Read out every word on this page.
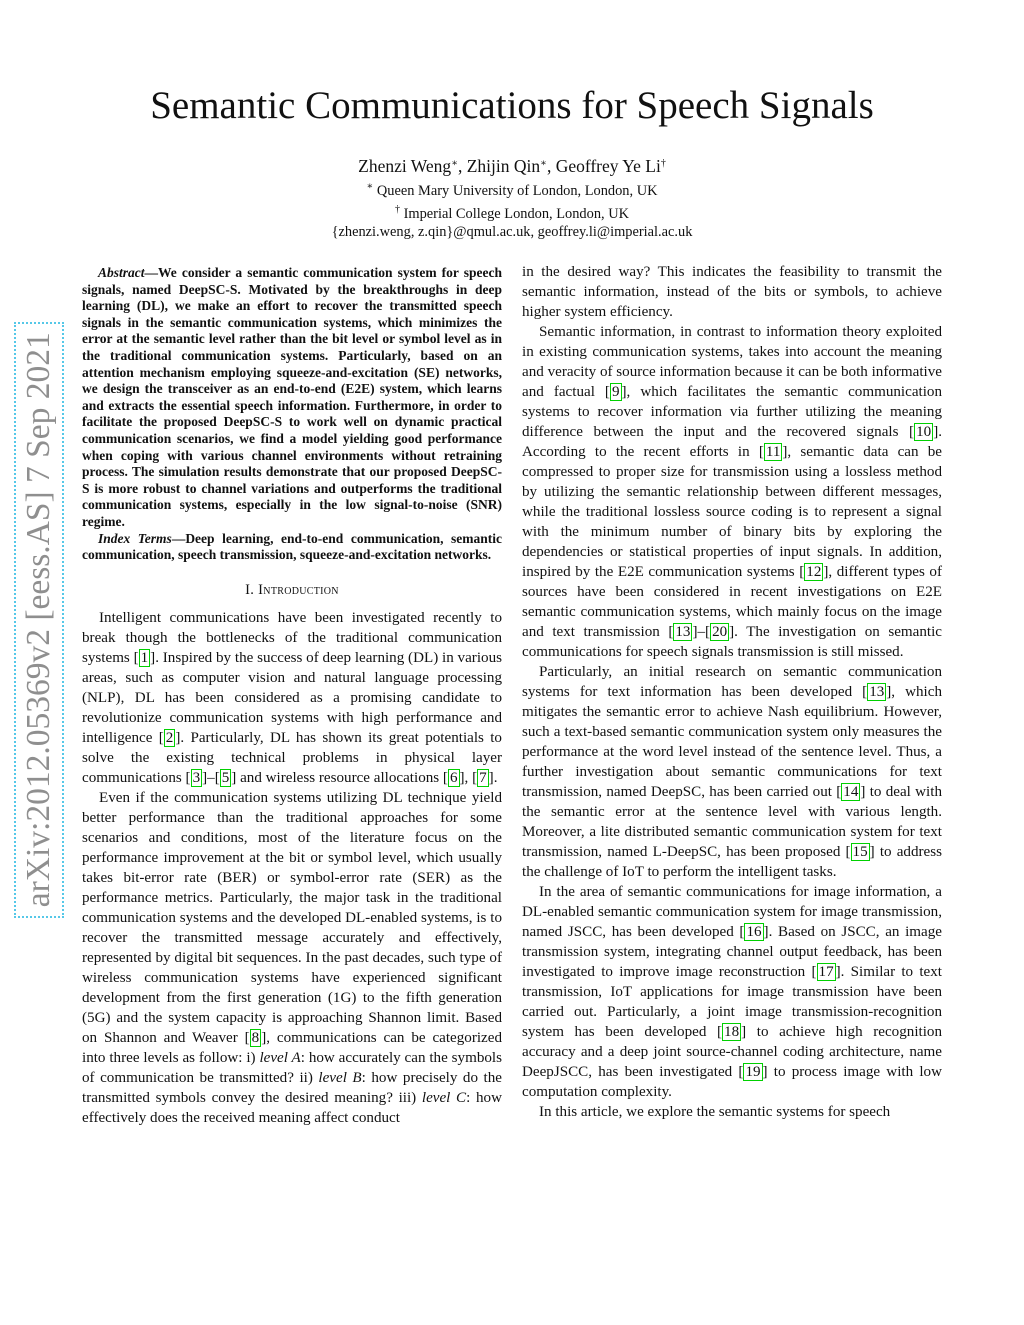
arXiv:2012.05369v2 [eess.AS] 7 Sep 2021
Semantic Communications for Speech Signals
Zhenzi Weng∗, Zhijin Qin∗, Geoffrey Ye Li†
∗ Queen Mary University of London, London, UK
† Imperial College London, London, UK
{zhenzi.weng, z.qin}@qmul.ac.uk, geoffrey.li@imperial.ac.uk

Abstract—We consider a semantic communication system for speech signals, named DeepSC-S. Motivated by the breakthroughs in deep learning (DL), we make an effort to recover the transmitted speech signals in the semantic communication systems, which minimizes the error at the semantic level rather than the bit level or symbol level as in the traditional communication systems. Particularly, based on an attention mechanism employing squeeze-and-excitation (SE) networks, we design the transceiver as an end-to-end (E2E) system, which learns and extracts the essential speech information. Furthermore, in order to facilitate the proposed DeepSC-S to work well on dynamic practical communication scenarios, we find a model yielding good performance when coping with various channel environments without retraining process. The simulation results demonstrate that our proposed DeepSC-S is more robust to channel variations and outperforms the traditional communication systems, especially in the low signal-to-noise (SNR) regime.

Index Terms—Deep learning, end-to-end communication, semantic communication, speech transmission, squeeze-and-excitation networks.

I. Introduction

Intelligent communications have been investigated recently to break though the bottlenecks of the traditional communication systems [ 1 ]. Inspired by the success of deep learning (DL) in various areas, such as computer vision and natural language processing (NLP), DL has been considered as a promising candidate to revolutionize communication systems with high performance and intelligence [ 2 ]. Particularly, DL has shown its great potentials to solve the existing technical problems in physical layer communications [ 3 ]–[ 5 ] and wireless resource allocations [ 6 ], [ 7 ].

Even if the communication systems utilizing DL technique yield better performance than the traditional approaches for some scenarios and conditions, most of the literature focus on the performance improvement at the bit or symbol level, which usually takes bit-error rate (BER) or symbol-error rate (SER) as the performance metrics. Particularly, the major task in the traditional communication systems and the developed DL-enabled systems, is to recover the transmitted message accurately and effectively, represented by digital bit sequences. In the past decades, such type of wireless communication systems have experienced significant development from the first generation (1G) to the fifth generation (5G) and the system capacity is approaching Shannon limit. Based on Shannon and Weaver [ 8 ], communications can be categorized into three levels as follow: i) level A: how accurately can the symbols of communication be transmitted? ii) level B: how precisely do the transmitted symbols convey the desired meaning? iii) level C: how effectively does the received meaning affect conduct

in the desired way? This indicates the feasibility to transmit the semantic information, instead of the bits or symbols, to achieve higher system efficiency.

Semantic information, in contrast to information theory exploited in existing communication systems, takes into account the meaning and veracity of source information because it can be both informative and factual [ 9 ], which facilitates the semantic communication systems to recover information via further utilizing the meaning difference between the input and the recovered signals [ 10 ]. According to the recent efforts in [ 11 ], semantic data can be compressed to proper size for transmission using a lossless method by utilizing the semantic relationship between different messages, while the traditional lossless source coding is to represent a signal with the minimum number of binary bits by exploring the dependencies or statistical properties of input signals. In addition, inspired by the E2E communication systems [ 12 ], different types of sources have been considered in recent investigations on E2E semantic communication systems, which mainly focus on the image and text transmission [ 13 ]–[ 20 ]. The investigation on semantic communications for speech signals transmission is still missed.

Particularly, an initial research on semantic communication systems for text information has been developed [ 13 ], which mitigates the semantic error to achieve Nash equilibrium. However, such a text-based semantic communication system only measures the performance at the word level instead of the sentence level. Thus, a further investigation about semantic communications for text transmission, named DeepSC, has been carried out [ 14 ] to deal with the semantic error at the sentence level with various length. Moreover, a lite distributed semantic communication system for text transmission, named L-DeepSC, has been proposed [ 15 ] to address the challenge of IoT to perform the intelligent tasks.

In the area of semantic communications for image information, a DL-enabled semantic communication system for image transmission, named JSCC, has been developed [ 16 ]. Based on JSCC, an image transmission system, integrating channel output feedback, has been investigated to improve image reconstruction [ 17 ]. Similar to text transmission, IoT applications for image transmission have been carried out. Particularly, a joint image transmission-recognition system has been developed [ 18 ] to achieve high recognition accuracy and a deep joint source-channel coding architecture, name DeepJSCC, has been investigated [ 19 ] to process image with low computation complexity.

In this article, we explore the semantic systems for speech
